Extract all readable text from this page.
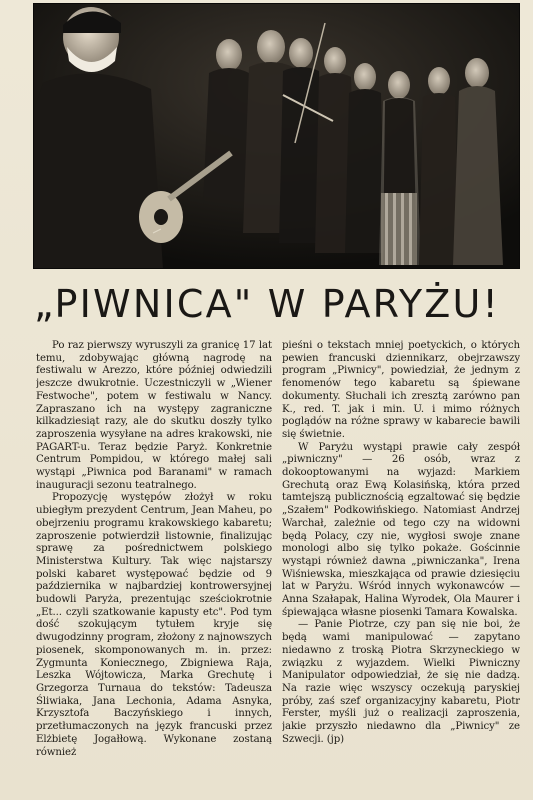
„PIWNICA" W PARYŻU!

Po raz pierwszy wyruszyli za granicę 17 lat temu, zdobywając główną nagrodę na festiwalu w Arezzo, które później odwiedzili jeszcze dwukrotnie. Uczestniczyli w „Wiener Festwoche", potem w festiwalu w Nancy. Zapraszano ich na występy zagraniczne kilkadziesiąt razy, ale do skutku doszły tylko zaproszenia wysyłane na adres krakowski, nie PAGART-u. Teraz będzie Paryż. Konkretnie Centrum Pompidou, w którego małej sali wystąpi „Piwnica pod Baranami" w ramach inauguracji sezonu teatralnego.

Propozycję występów złożył w roku ubiegłym prezydent Centrum, Jean Maheu, po obejrzeniu programu krakowskiego kabaretu; zaproszenie potwierdził listownie, finalizując sprawę za pośrednictwem polskiego Ministerstwa Kultury. Tak więc najstarszy polski kabaret występować będzie od 9 października w najbardziej kontrowersyjnej budowli Paryża, prezentując sześciokrotnie „Et... czyli szatkowanie kapusty etc". Pod tym dość szokującym tytułem kryje się dwugodzinny program, złożony z najnowszych piosenek, skomponowanych m. in. przez: Zygmunta Koniecznego, Zbigniewa Raja, Leszka Wójtowicza, Marka Grechutę i Grzegorza Turnaua do tekstów: Tadeusza Śliwiaka, Jana Lechonia, Adama Asnyka, Krzysztofa Baczyńskiego i innych, przetłumaczonych na język francuski przez Elżbietę Jogałłową. Wykonane zostaną również

pieśni o tekstach mniej poetyckich, o których pewien francuski dziennikarz, obejrzawszy program „Piwnicy", powiedział, że jednym z fenomenów tego kabaretu są śpiewane dokumenty. Słuchali ich zresztą zarówno pan K., red. T. jak i min. U. i mimo różnych poglądów na różne sprawy w kabarecie bawili się świetnie.

W Paryżu wystąpi prawie cały zespół „piwniczny" — 26 osób, wraz z dokooptowanymi na wyjazd: Markiem Grechutą oraz Ewą Kolasińską, która przed tamtejszą publicznością egzaltować się będzie „Szałem" Podkowińskiego. Natomiast Andrzej Warchał, zależnie od tego czy na widowni będą Polacy, czy nie, wygłosi swoje znane monologi albo się tylko pokaże. Gościnnie wystąpi również dawna „piwniczanka", Irena Wiśniewska, mieszkająca od prawie dziesięciu lat w Paryżu. Wśród innych wykonawców — Anna Szałapak, Halina Wyrodek, Ola Maurer i śpiewająca własne piosenki Tamara Kowalska.

— Panie Piotrze, czy pan się nie boi, że będą wami manipulować — zapytano niedawno z troską Piotra Skrzyneckiego w związku z wyjazdem. Wielki Piwniczny Manipulator odpowiedział, że się nie dadzą. Na razie więc wszyscy oczekują paryskiej próby, zaś szef organizacyjny kabaretu, Piotr Ferster, myśli już o realizacji zaproszenia, jakie przyszło niedawno dla „Piwnicy" ze Szwecji. (jp)
